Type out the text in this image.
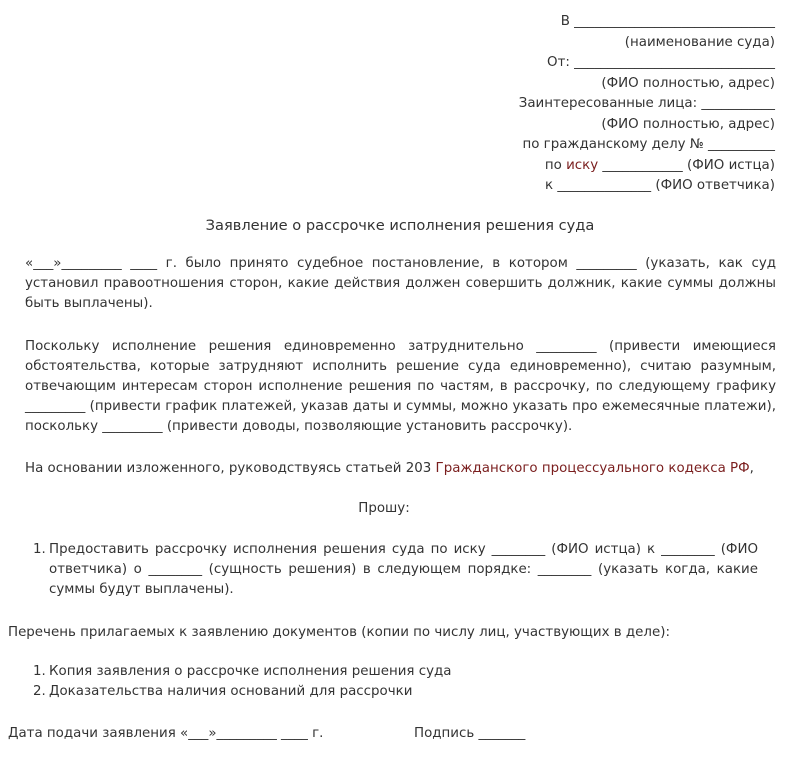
В ______________________________
(наименование суда)
От: ______________________________
(ФИО полностью, адрес)
Заинтересованные лица: ___________
(ФИО полностью, адрес)
по гражданскому делу № __________
по иску ____________ (ФИО истца)
к ______________ (ФИО ответчика)
Заявление о рассрочке исполнения решения суда

«___»_________ ____ г. было принято судебное постановление, в котором _________ (указать, как суд установил правоотношения сторон, какие действия должен совершить должник, какие суммы должны быть выплачены).

Поскольку исполнение решения единовременно затруднительно _________ (привести имеющиеся обстоятельства, которые затрудняют исполнить решение суда единовременно), считаю разумным, отвечающим интересам сторон исполнение решения по частям, в рассрочку, по следующему графику _________ (привести график платежей, указав даты и суммы, можно указать про ежемесячные платежи), поскольку _________ (привести доводы, позволяющие установить рассрочку).

На основании изложенного, руководствуясь статьей 203 Гражданского процессуального кодекса РФ,

Прошу:
1. Предоставить рассрочку исполнения решения суда по иску ________ (ФИО истца) к ________ (ФИО ответчика) о ________ (сущность решения) в следующем порядке: ________ (указать когда, какие суммы будут выплачены).
Перечень прилагаемых к заявлению документов (копии по числу лиц, участвующих в деле):
1. Копия заявления о рассрочке исполнения решения суда
2. Доказательства наличия оснований для рассрочки
Дата подачи заявления «___»_________ ____ г.	Подпись _______
